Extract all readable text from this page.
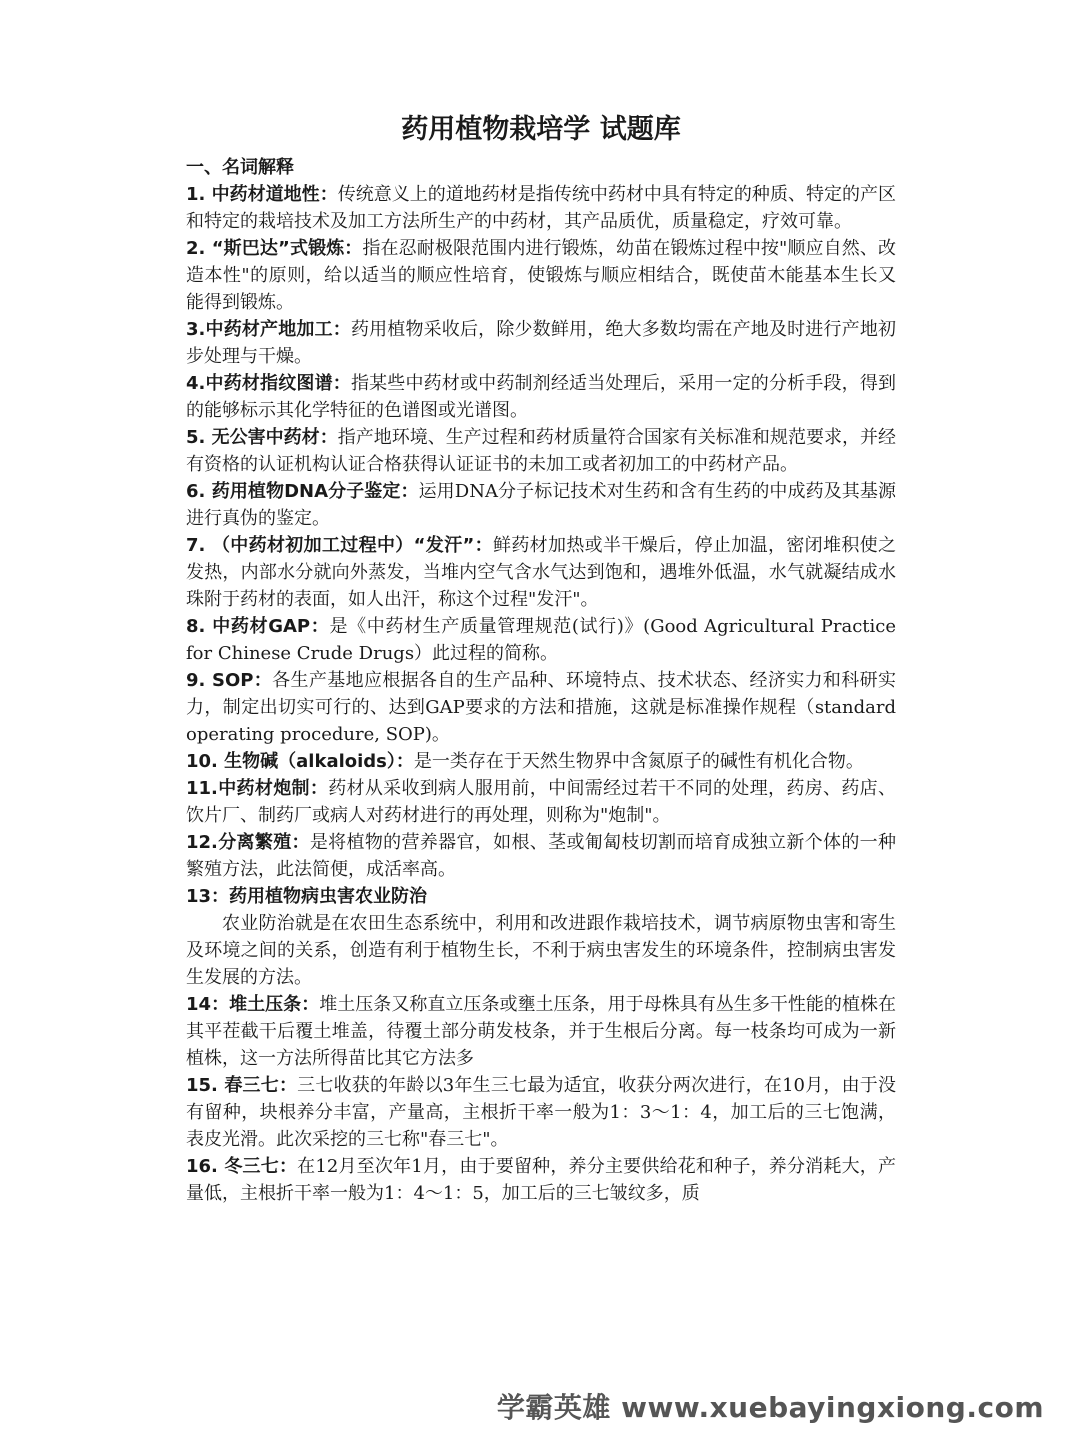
药用植物栽培学 试题库

一、名词解释

1. 中药材道地性：传统意义上的道地药材是指传统中药材中具有特定的种质、特定的产区和特定的栽培技术及加工方法所生产的中药材，其产品质优，质量稳定，疗效可靠。

2. “斯巴达”式锻炼：指在忍耐极限范围内进行锻炼，幼苗在锻炼过程中按"顺应自然、改造本性"的原则，给以适当的顺应性培育，使锻炼与顺应相结合，既使苗木能基本生长又能得到锻炼。

3.中药材产地加工：药用植物采收后，除少数鲜用，绝大多数均需在产地及时进行产地初步处理与干燥。

4.中药材指纹图谱：指某些中药材或中药制剂经适当处理后，采用一定的分析手段，得到的能够标示其化学特征的色谱图或光谱图。

5. 无公害中药材：指产地环境、生产过程和药材质量符合国家有关标准和规范要求，并经有资格的认证机构认证合格获得认证证书的未加工或者初加工的中药材产品。

6. 药用植物DNA分子鉴定：运用DNA分子标记技术对生药和含有生药的中成药及其基源进行真伪的鉴定。

7. （中药材初加工过程中）“发汗”：鲜药材加热或半干燥后，停止加温，密闭堆积使之发热，内部水分就向外蒸发，当堆内空气含水气达到饱和，遇堆外低温，水气就凝结成水珠附于药材的表面，如人出汗，称这个过程"发汗"。

8. 中药材GAP：是《中药材生产质量管理规范(试行)》(Good Agricultural Practice for Chinese Crude Drugs）此过程的简称。

9. SOP：各生产基地应根据各自的生产品种、环境特点、技术状态、经济实力和科研实力，制定出切实可行的、达到GAP要求的方法和措施，这就是标准操作规程（standard operating procedure, SOP)。

10. 生物碱（alkaloids）：是一类存在于天然生物界中含氮原子的碱性有机化合物。

11.中药材炮制：药材从采收到病人服用前，中间需经过若干不同的处理，药房、药店、饮片厂、制药厂或病人对药材进行的再处理，则称为"炮制"。

12.分离繁殖：是将植物的营养器官，如根、茎或匍匐枝切割而培育成独立新个体的一种繁殖方法，此法简便，成活率高。

13：药用植物病虫害农业防治

农业防治就是在农田生态系统中，利用和改进跟作栽培技术，调节病原物虫害和寄生及环境之间的关系，创造有利于植物生长，不利于病虫害发生的环境条件，控制病虫害发生发展的方法。

14：堆土压条：堆土压条又称直立压条或壅土压条，用于母株具有丛生多干性能的植株在其平茬截干后覆土堆盖，待覆土部分萌发枝条，并于生根后分离。每一枝条均可成为一新植株，这一方法所得苗比其它方法多

15. 春三七：三七收获的年龄以3年生三七最为适宜，收获分两次进行，在10月，由于没有留种，块根养分丰富，产量高，主根折干率一般为1：3～1：4，加工后的三七饱满，表皮光滑。此次采挖的三七称"春三七"。

16. 冬三七：在12月至次年1月，由于要留种，养分主要供给花和种子，养分消耗大，产量低，主根折干率一般为1：4～1：5，加工后的三七皱纹多，质

学霸英雄 www.xuebayingxiong.com
